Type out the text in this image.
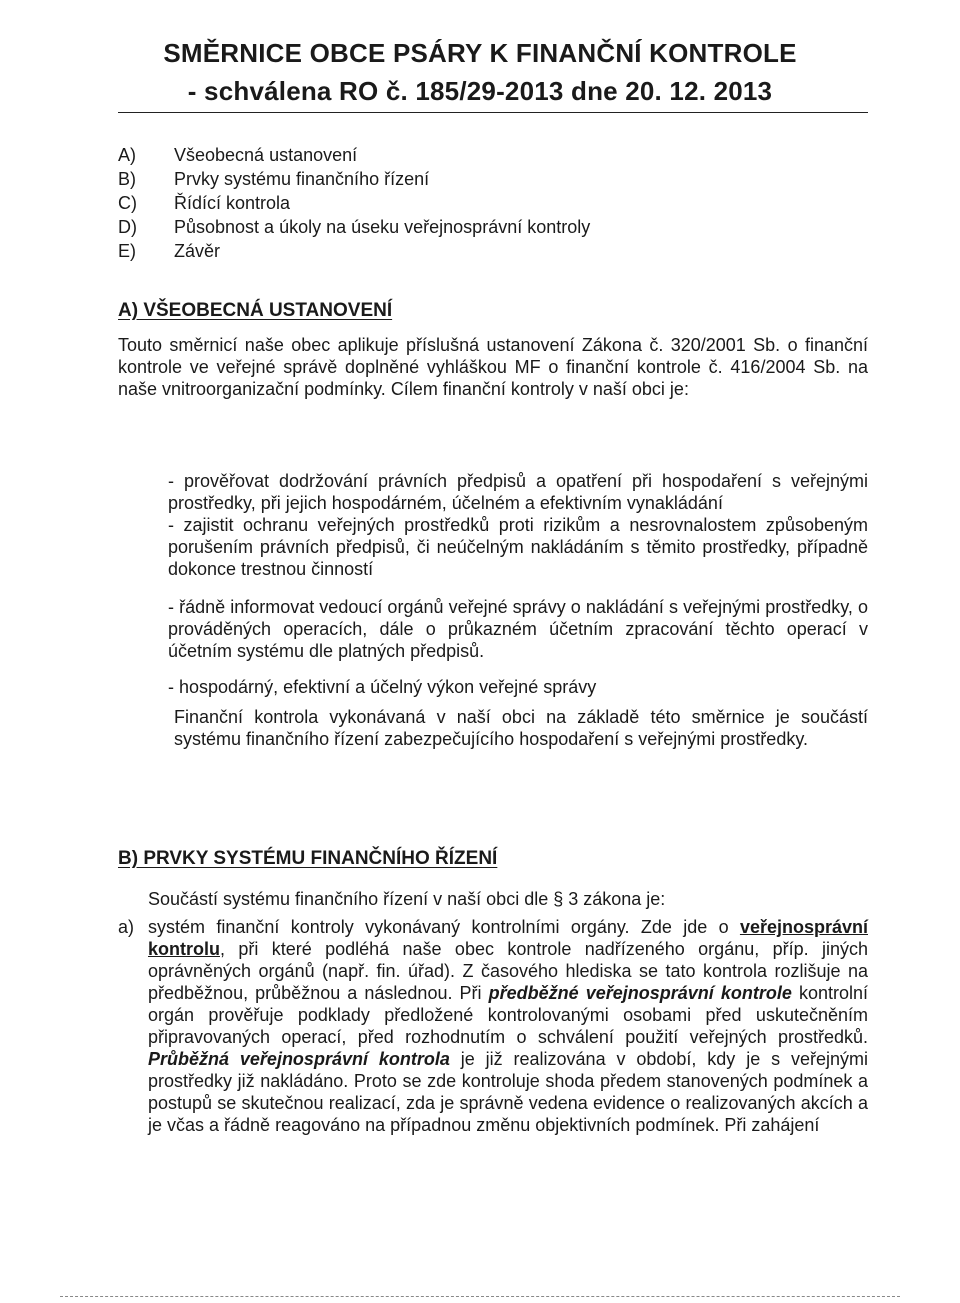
SMĚRNICE OBCE PSÁRY K FINANČNÍ KONTROLE
- schválena RO č. 185/29-2013 dne 20. 12. 2013
A)	Všeobecná ustanovení
B)	Prvky systému finančního řízení
C)	Řídící kontrola
D)	Působnost a úkoly na úseku veřejnosprávní kontroly
E)	Závěr
A) VŠEOBECNÁ USTANOVENÍ
Touto směrnicí naše obec aplikuje příslušná ustanovení Zákona č. 320/2001 Sb. o finanční kontrole ve veřejné správě doplněné vyhláškou MF o finanční kontrole č. 416/2004 Sb. na naše vnitroorganizační podmínky. Cílem finanční kontroly v naší obci je:
- prověřovat dodržování právních předpisů a opatření při hospodaření s veřejnými prostředky, při jejich hospodárném, účelném a efektivním vynakládání
- zajistit ochranu veřejných prostředků proti rizikům a nesrovnalostem způsobeným porušením právních předpisů, či neúčelným nakládáním s těmito prostředky, případně dokonce trestnou činností
- řádně informovat vedoucí orgánů veřejné správy o nakládání s veřejnými prostředky, o prováděných operacích, dále o průkazném účetním zpracování těchto operací v účetním systému dle platných předpisů.
- hospodárný, efektivní a účelný výkon veřejné správy
Finanční kontrola vykonávaná v naší obci na základě této směrnice je součástí systému finančního řízení zabezpečujícího hospodaření s veřejnými prostředky.
B) PRVKY SYSTÉMU FINANČNÍHO ŘÍZENÍ
Součástí systému finančního řízení v naší obci dle § 3 zákona je:
a) systém finanční kontroly vykonávaný kontrolními orgány. Zde jde o veřejnosprávní kontrolu, při které podléhá naše obec kontrole nadřízeného orgánu, příp. jiných oprávněných orgánů (např. fin. úřad). Z časového hlediska se tato kontrola rozlišuje na předběžnou, průběžnou a následnou. Při předběžné veřejnosprávní kontrole kontrolní orgán prověřuje podklady předložené kontrolovanými osobami před uskutečněním připravovaných operací, před rozhodnutím o schválení použití veřejných prostředků. Průběžná veřejnosprávní kontrola je již realizována v období, kdy je s veřejnými prostředky již nakládáno. Proto se zde kontroluje shoda předem stanovených podmínek a postupů se skutečnou realizací, zda je správně vedena evidence o realizovaných akcích a je včas a řádně reagováno na případnou změnu objektivních podmínek. Při zahájení
